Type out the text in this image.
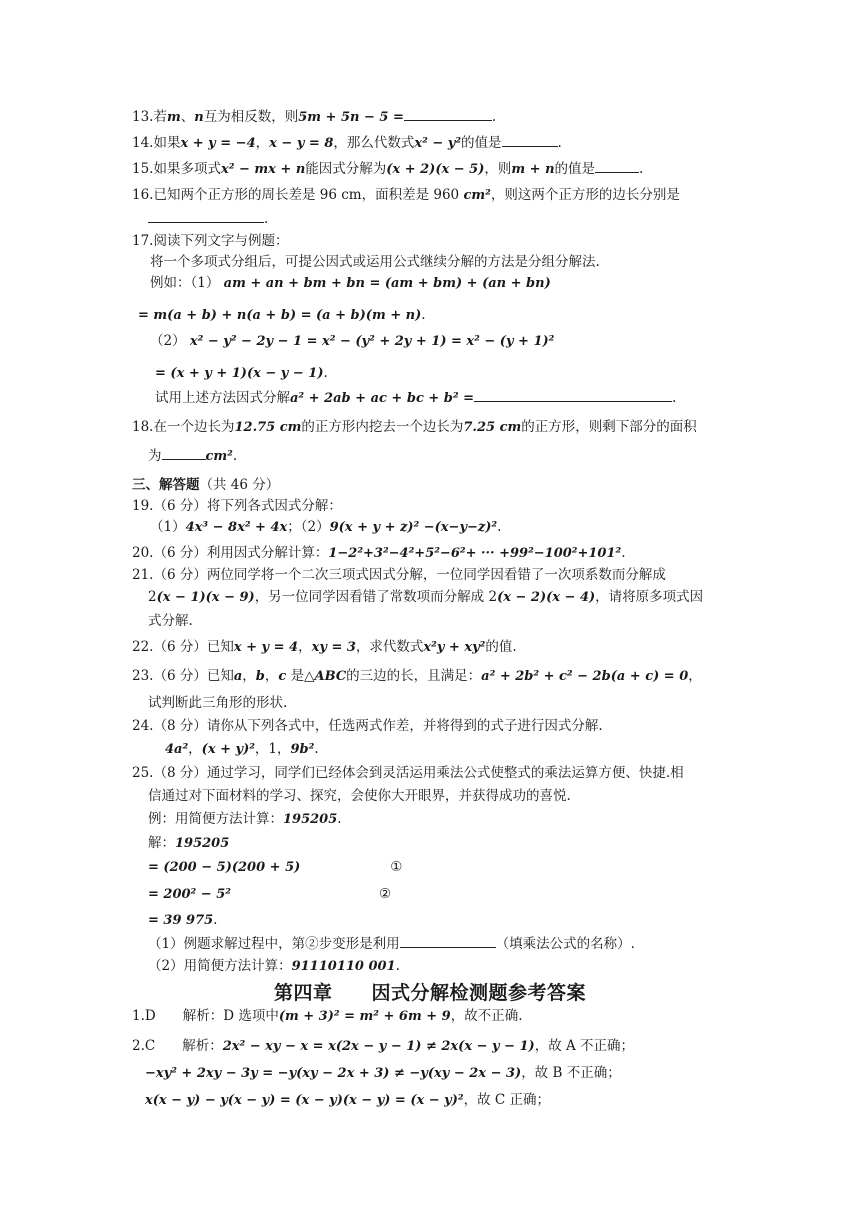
第四章　　因式分解检测题参考答案
13.若m、n互为相反数，则5m + 5n − 5 =	.
14.如果x + y = −4，x − y = 8，那么代数式x² − y²的值是	.
15.如果多项式x² − mx + n能因式分解为(x + 2)(x − 5)，则m + n的值是	.
16.已知两个正方形的周长差是 96 cm，面积差是 960 cm²，则这两个正方形的边长分别是
.
17.阅读下列文字与例题：
将一个多项式分组后，可提公因式或运用公式继续分解的方法是分组分解法.
例如：（1） am + an + bm + bn = (am + bm) + (an + bn)
= m(a + b) + n(a + b) = (a + b)(m + n).
（2） x² − y² − 2y − 1 = x² − (y² + 2y + 1) = x² − (y + 1)²
= (x + y + 1)(x − y − 1).
试用上述方法因式分解a² + 2ab + ac + bc + b² =	.
18.在一个边长为12.75 cm的正方形内挖去一个边长为7.25 cm的正方形，则剩下部分的面积
为	cm².
三、解答题（共 46 分）
19.（6 分）将下列各式因式分解：
（1）4x³ − 8x² + 4x；（2）9(x + y + z)² −(x−y−z)².
20.（6 分）利用因式分解计算：1−2²+3²−4²+5²−6²+ ··· +99²−100²+101².
21.（6 分）两位同学将一个二次三项式因式分解，一位同学因看错了一次项系数而分解成
2(x − 1)(x − 9)，另一位同学因看错了常数项而分解成 2(x − 2)(x − 4)，请将原多项式因
式分解.
22.（6 分）已知x + y = 4，xy = 3，求代数式x²y + xy²的值.
23.（6 分）已知a，b，c 是△ABC的三边的长，且满足：a² + 2b² + c² − 2b(a + c) = 0，
试判断此三角形的形状.
24.（8 分）请你从下列各式中，任选两式作差，并将得到的式子进行因式分解.
4a²，(x + y)²，1，9b².
25.（8 分）通过学习，同学们已经体会到灵活运用乘法公式使整式的乘法运算方便、快捷.相
信通过对下面材料的学习、探究，会使你大开眼界，并获得成功的喜悦.
例：用简便方法计算：195205.
解：195205
= (200 − 5)(200 + 5)	①
= 200² − 5²	②
= 39 975.
（1）例题求解过程中，第②步变形是利用	（填乘法公式的名称）.
（2）用简便方法计算：91110110 001.
1.D　　解析：D 选项中(m + 3)² = m² + 6m + 9，故不正确.
2.C　　解析：2x² − xy − x = x(2x − y − 1) ≠ 2x(x − y − 1)，故 A 不正确；
−xy² + 2xy − 3y = −y(xy − 2x + 3) ≠ −y(xy − 2x − 3)，故 B 不正确；
x(x − y) − y(x − y) = (x − y)(x − y) = (x − y)²，故 C 正确；
